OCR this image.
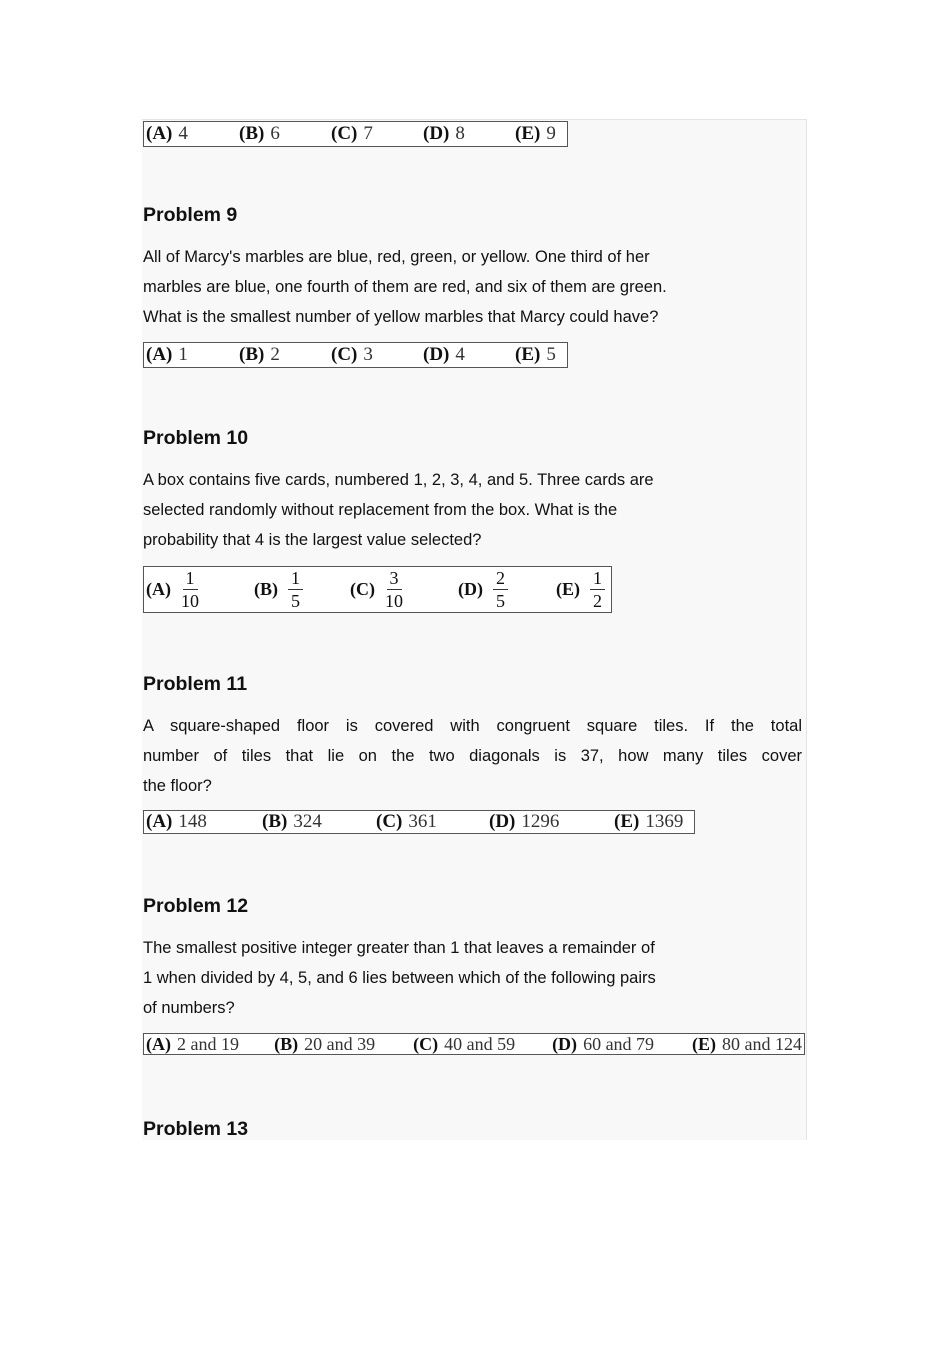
(A) 4	(B) 6	(C) 7	(D) 8	(E) 9
Problem 9
All of Marcy's marbles are blue, red, green, or yellow. One third of her
marbles are blue, one fourth of them are red, and six of them are green.
What is the smallest number of yellow marbles that Marcy could have?
(A) 1	(B) 2	(C) 3	(D) 4	(E) 5
Problem 10
A box contains five cards, numbered 1, 2, 3, 4, and 5. Three cards are
selected randomly without replacement from the box. What is the
probability that 4 is the largest value selected?
$(A) \frac{1}{10}$	$(B) \frac{1}{5}$	$(C) \frac{3}{10}$	$(D) \frac{2}{5}$	$(E) \frac{1}{2}$
Problem 11
A square-shaped floor is covered with congruent square tiles. If the total
number of tiles that lie on the two diagonals is 37, how many tiles cover
the floor?
(A) 148	(B) 324	(C) 361	(D) 1296	(E) 1369
Problem 12
The smallest positive integer greater than 1 that leaves a remainder of
1 when divided by 4, 5, and 6 lies between which of the following pairs
of numbers?
(A) 2 and 19 (B) 20 and 39 (C) 40 and 59 (D) 60 and 79 (E) 80 and 124
Problem 13
